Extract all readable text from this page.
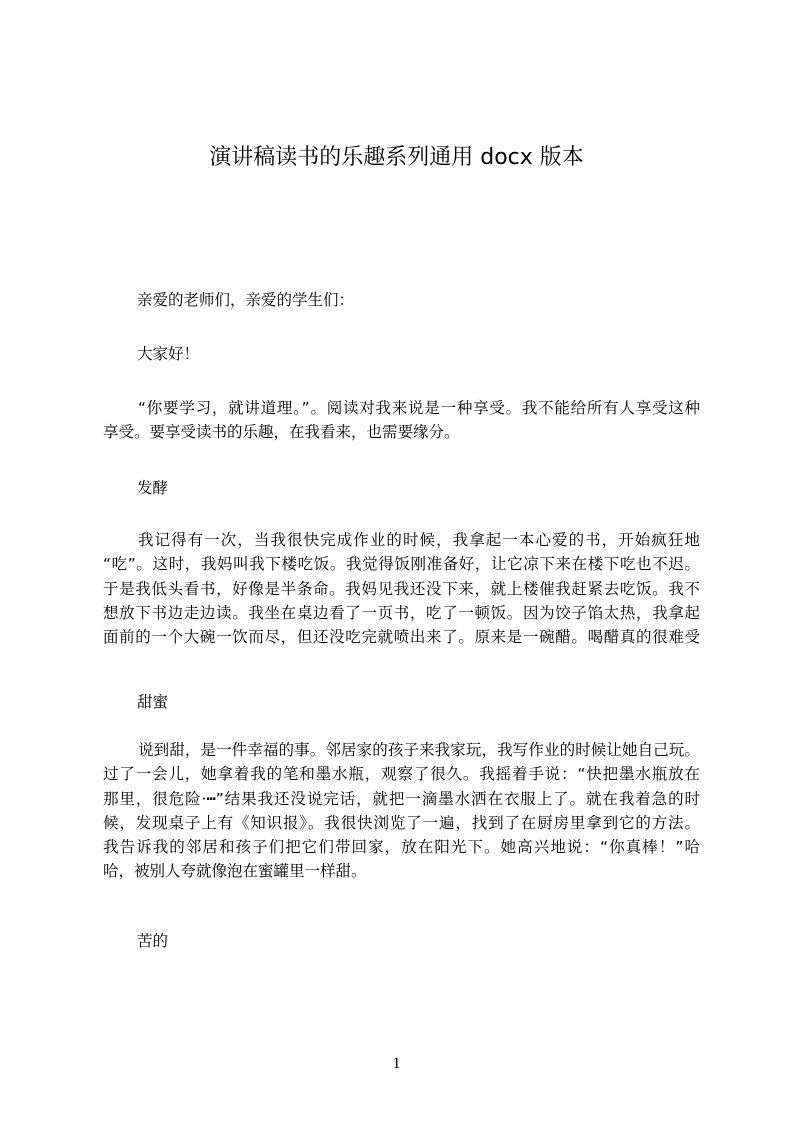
演讲稿读书的乐趣系列通用 docx 版本
亲爱的老师们，亲爱的学生们：
大家好！
“你要学习，就讲道理。”。阅读对我来说是一种享受。我不能给所有人享受这种
享受。要享受读书的乐趣，在我看来，也需要缘分。
发酵
我记得有一次，当我很快完成作业的时候，我拿起一本心爱的书，开始疯狂地
“吃”。这时，我妈叫我下楼吃饭。我觉得饭刚准备好，让它凉下来在楼下吃也不迟。
于是我低头看书，好像是半条命。我妈见我还没下来，就上楼催我赶紧去吃饭。我不
想放下书边走边读。我坐在桌边看了一页书，吃了一顿饭。因为饺子馅太热，我拿起
面前的一个大碗一饮而尽，但还没吃完就喷出来了。原来是一碗醋。喝醋真的很难受
甜蜜
说到甜，是一件幸福的事。邻居家的孩子来我家玩，我写作业的时候让她自己玩。
过了一会儿，她拿着我的笔和墨水瓶，观察了很久。我摇着手说：“快把墨水瓶放在
那里，很危险·┅”结果我还没说完话，就把一滴墨水洒在衣服上了。就在我着急的时
候，发现桌子上有《知识报》。我很快浏览了一遍，找到了在厨房里拿到它的方法。
我告诉我的邻居和孩子们把它们带回家，放在阳光下。她高兴地说：“你真棒！”哈
哈，被别人夸就像泡在蜜罐里一样甜。
苦的
1
